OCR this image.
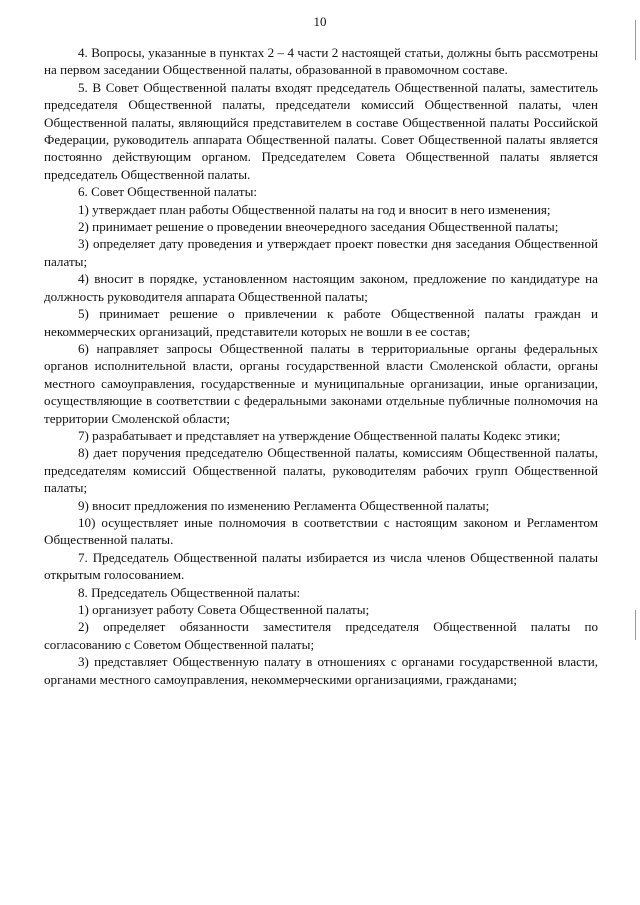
10

4. Вопросы, указанные в пунктах 2 – 4 части 2 настоящей статьи, должны быть рассмотрены на первом заседании Общественной палаты, образованной в правомочном составе.

5. В Совет Общественной палаты входят председатель Общественной палаты, заместитель председателя Общественной палаты, председатели комиссий Общественной палаты, член Общественной палаты, являющийся представителем в составе Общественной палаты Российской Федерации, руководитель аппарата Общественной палаты. Совет Общественной палаты является постоянно действующим органом. Председателем Совета Общественной палаты является председатель Общественной палаты.

6. Совет Общественной палаты:

1) утверждает план работы Общественной палаты на год и вносит в него изменения;

2) принимает решение о проведении внеочередного заседания Общественной палаты;

3) определяет дату проведения и утверждает проект повестки дня заседания Общественной палаты;

4) вносит в порядке, установленном настоящим законом, предложение по кандидатуре на должность руководителя аппарата Общественной палаты;

5) принимает решение о привлечении к работе Общественной палаты граждан и некоммерческих организаций, представители которых не вошли в ее состав;

6) направляет запросы Общественной палаты в территориальные органы федеральных органов исполнительной власти, органы государственной власти Смоленской области, органы местного самоуправления, государственные и муниципальные организации, иные организации, осуществляющие в соответствии с федеральными законами отдельные публичные полномочия на территории Смоленской области;

7) разрабатывает и представляет на утверждение Общественной палаты Кодекс этики;

8) дает поручения председателю Общественной палаты, комиссиям Общественной палаты, председателям комиссий Общественной палаты, руководителям рабочих групп Общественной палаты;

9) вносит предложения по изменению Регламента Общественной палаты;

10) осуществляет иные полномочия в соответствии с настоящим законом и Регламентом Общественной палаты.

7. Председатель Общественной палаты избирается из числа членов Общественной палаты открытым голосованием.

8. Председатель Общественной палаты:

1) организует работу Совета Общественной палаты;

2) определяет обязанности заместителя председателя Общественной палаты по согласованию с Советом Общественной палаты;

3) представляет Общественную палату в отношениях с органами государственной власти, органами местного самоуправления, некоммерческими организациями, гражданами;
